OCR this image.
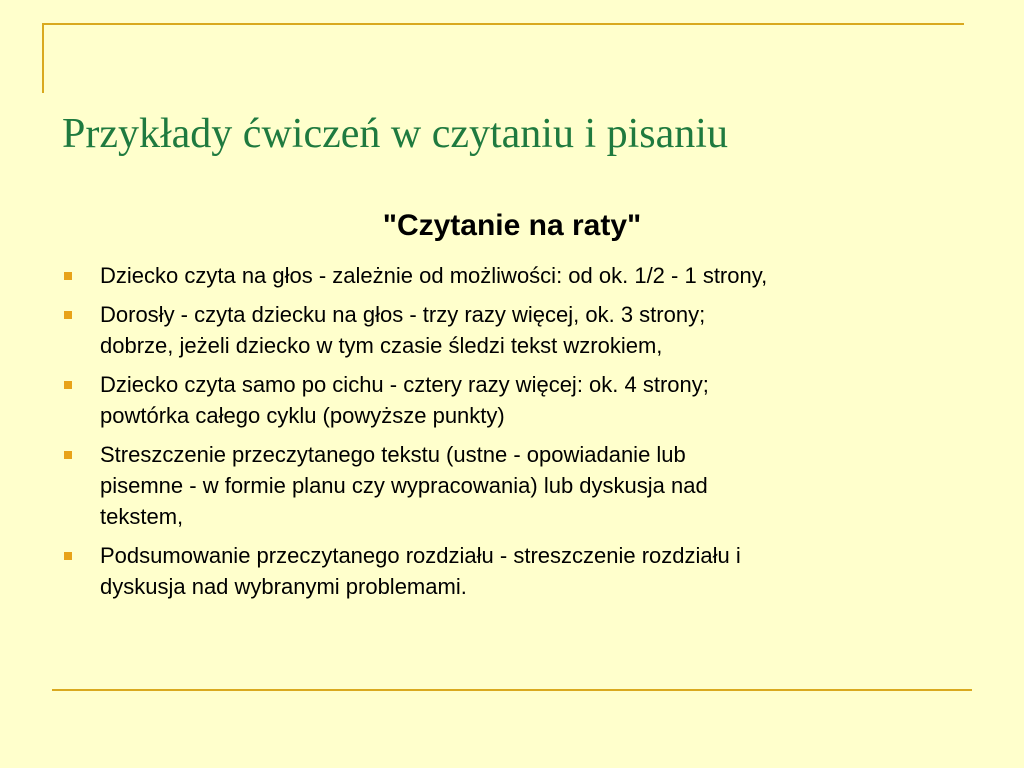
Przykłady ćwiczeń w czytaniu i pisaniu
"Czytanie na raty"
Dziecko czyta na głos - zależnie od możliwości: od ok. 1/2 - 1 strony,
Dorosły - czyta dziecku na głos - trzy razy więcej, ok. 3 strony;
dobrze, jeżeli dziecko w tym czasie śledzi tekst wzrokiem,
Dziecko czyta samo po cichu - cztery razy więcej: ok. 4 strony;
powtórka całego cyklu (powyższe punkty)
Streszczenie przeczytanego tekstu (ustne - opowiadanie lub
pisemne - w formie planu czy wypracowania) lub dyskusja nad
tekstem,
Podsumowanie przeczytanego rozdziału - streszczenie rozdziału i
dyskusja nad wybranymi problemami.
